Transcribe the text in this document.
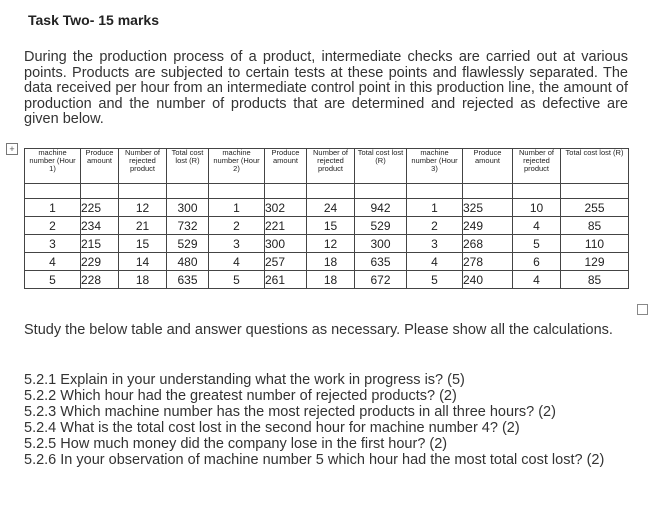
Task Two- 15 marks
During the production process of a product, intermediate checks are carried out at various points. Products are subjected to certain tests at these points and flawlessly separated. The data received per hour from an intermediate control point in this production line, the amount of production and the number of products that are determined and rejected as defective are given below.
+	machine number (Hour 1)	Produce amount	Number of rejected product	Total cost lost (R)	machine number (Hour 2)	Produce amount	Number of rejected product	Total cost lost (R)	machine number (Hour 3)	Produce amount	Number of rejected product	Total cost lost (R)

1	225	12	300	1	302	24	942	1	325	10	255
2	234	21	732	2	221	15	529	2	249	4	85
3	215	15	529	3	300	12	300	3	268	5	110
4	229	14	480	4	257	18	635	4	278	6	129
5	228	18	635	5	261	18	672	5	240	4	85
Study the below table and answer questions as necessary. Please show all the calculations.
5.2.1 Explain in your understanding what the work in progress is? (5)
5.2.2 Which hour had the greatest number of rejected products? (2)
5.2.3 Which machine number has the most rejected products in all three hours? (2)
5.2.4 What is the total cost lost in the second hour for machine number 4? (2)
5.2.5 How much money did the company lose in the first hour? (2)
5.2.6 In your observation of machine number 5 which hour had the most total cost lost? (2)
